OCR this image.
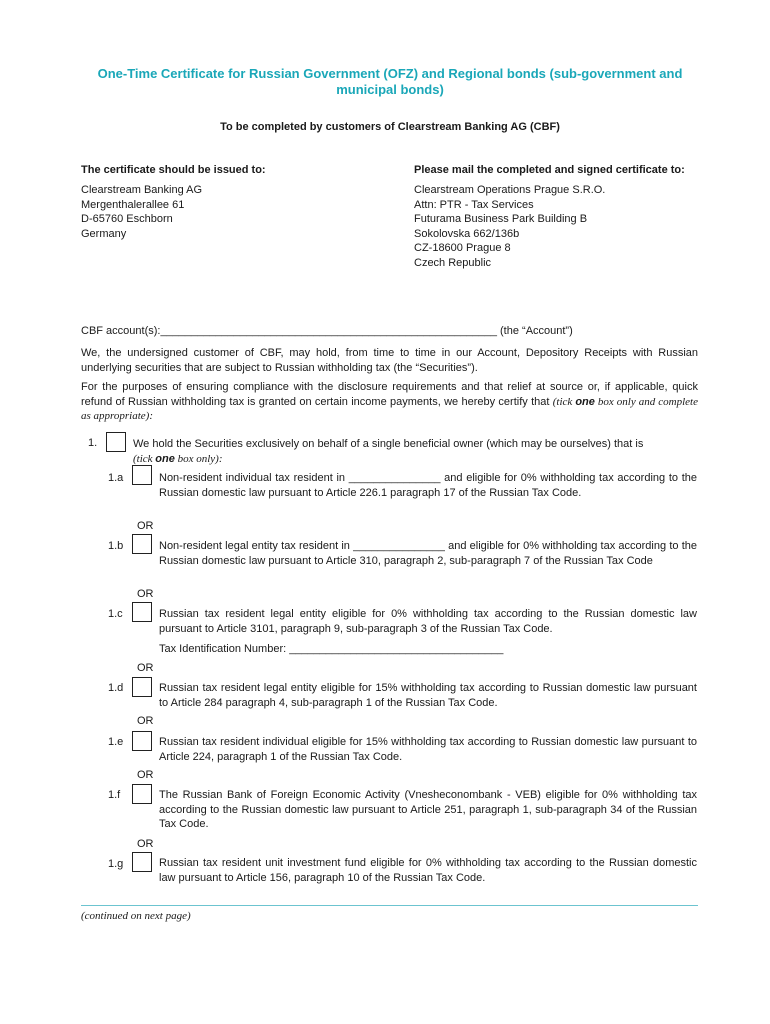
One-Time Certificate for Russian Government (OFZ) and Regional bonds (sub-government and municipal bonds)
To be completed by customers of Clearstream Banking AG (CBF)
The certificate should be issued to:	Please mail the completed and signed certificate to:
Clearstream Banking AG
Mergenthalerallee 61
D-65760 Eschborn
Germany
Clearstream Operations Prague S.R.O.
Attn: PTR - Tax Services
Futurama Business Park Building B
Sokolovska 662/136b
CZ-18600 Prague 8
Czech Republic
CBF account(s):_______________________________________________________ (the “Account”)
We, the undersigned customer of CBF, may hold, from time to time in our Account, Depository Receipts with Russian underlying securities that are subject to Russian withholding tax (the “Securities”).
For the purposes of ensuring compliance with the disclosure requirements and that relief at source or, if applicable, quick refund of Russian withholding tax is granted on certain income payments, we hereby certify that (tick one box only and complete as appropriate):
1.	We hold the Securities exclusively on behalf of a single beneficial owner (which may be ourselves) that is
(tick one box only):
1.a	Non-resident individual tax resident in _______________ and eligible for 0% withholding tax according to the Russian domestic law pursuant to Article 226.1 paragraph 17 of the Russian Tax Code.
OR
1.b	Non-resident legal entity tax resident in _______________ and eligible for 0% withholding tax according to the Russian domestic law pursuant to Article 310, paragraph 2, sub-paragraph 7 of the Russian Tax Code
OR
1.c	Russian tax resident legal entity eligible for 0% withholding tax according to the Russian domestic law pursuant to Article 3101, paragraph 9, sub-paragraph 3 of the Russian Tax Code.
Tax Identification Number: ___________________________________
OR
1.d	Russian tax resident legal entity eligible for 15% withholding tax according to Russian domestic law pursuant to Article 284 paragraph 4, sub-paragraph 1 of the Russian Tax Code.
OR
1.e	Russian tax resident individual eligible for 15% withholding tax according to Russian domestic law pursuant to Article 224, paragraph 1 of the Russian Tax Code.
OR
1.f	The Russian Bank of Foreign Economic Activity (Vnesheconombank - VEB) eligible for 0% withholding tax according to the Russian domestic law pursuant to Article 251, paragraph 1, sub-paragraph 34 of the Russian Tax Code.
OR
1.g	Russian tax resident unit investment fund eligible for 0% withholding tax according to the Russian domestic law pursuant to Article 156, paragraph 10 of the Russian Tax Code.
(continued on next page)
